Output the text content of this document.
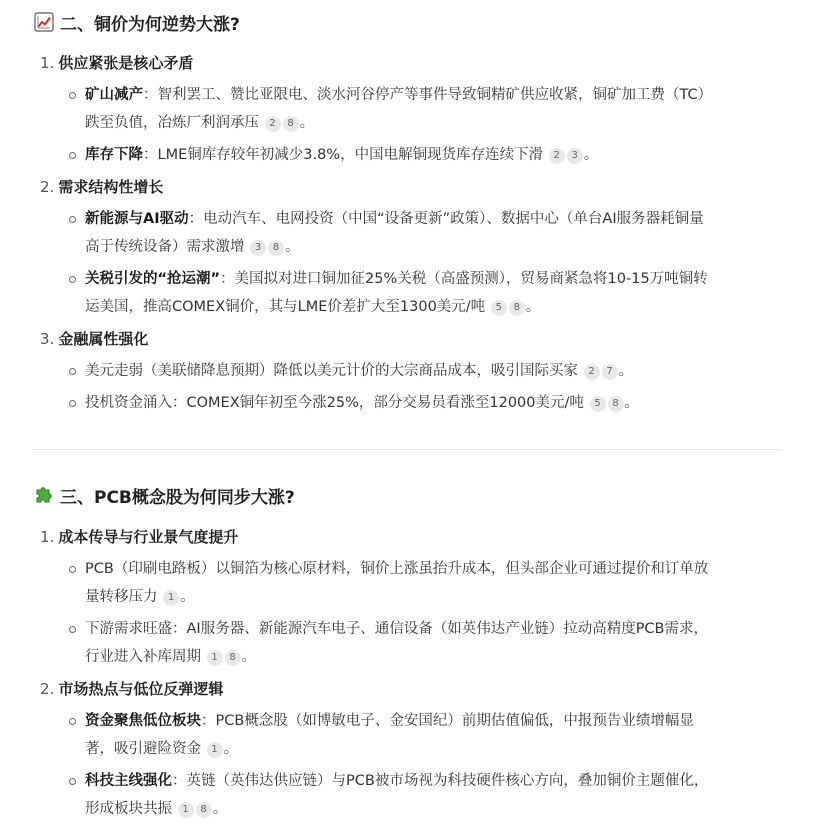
二、铜价为何逆势大涨?
1. 供应紧张是核心矛盾
矿山减产：智利罢工、赞比亚限电、淡水河谷停产等事件导致铜精矿供应收紧，铜矿加工费（TC）
跌至负值，冶炼厂利润承压 2 8 。
库存下降：LME铜库存较年初减少3.8%，中国电解铜现货库存连续下滑 2 3 。
2. 需求结构性增长
新能源与AI驱动：电动汽车、电网投资（中国“设备更新”政策）、数据中心（单台AI服务器耗铜量
高于传统设备）需求激增 3 8 。
关税引发的“抢运潮”：美国拟对进口铜加征25%关税（高盛预测），贸易商紧急将10-15万吨铜转
运美国，推高COMEX铜价，其与LME价差扩大至1300美元/吨 5 8 。
3. 金融属性强化
美元走弱（美联储降息预期）降低以美元计价的大宗商品成本，吸引国际买家 2 7 。
投机资金涌入：COMEX铜年初至今涨25%，部分交易员看涨至12000美元/吨 5 8 。
三、PCB概念股为何同步大涨?
1. 成本传导与行业景气度提升
PCB（印刷电路板）以铜箔为核心原材料，铜价上涨虽抬升成本，但头部企业可通过提价和订单放
量转移压力 1 。
下游需求旺盛：AI服务器、新能源汽车电子、通信设备（如英伟达产业链）拉动高精度PCB需求，
行业进入补库周期 1 8 。
2. 市场热点与低位反弹逻辑
资金聚焦低位板块：PCB概念股（如博敏电子、金安国纪）前期估值偏低，中报预告业绩增幅显
著，吸引避险资金 1 。
科技主线强化：英链（英伟达供应链）与PCB被市场视为科技硬件核心方向，叠加铜价主题催化，
形成板块共振 1 8 。
